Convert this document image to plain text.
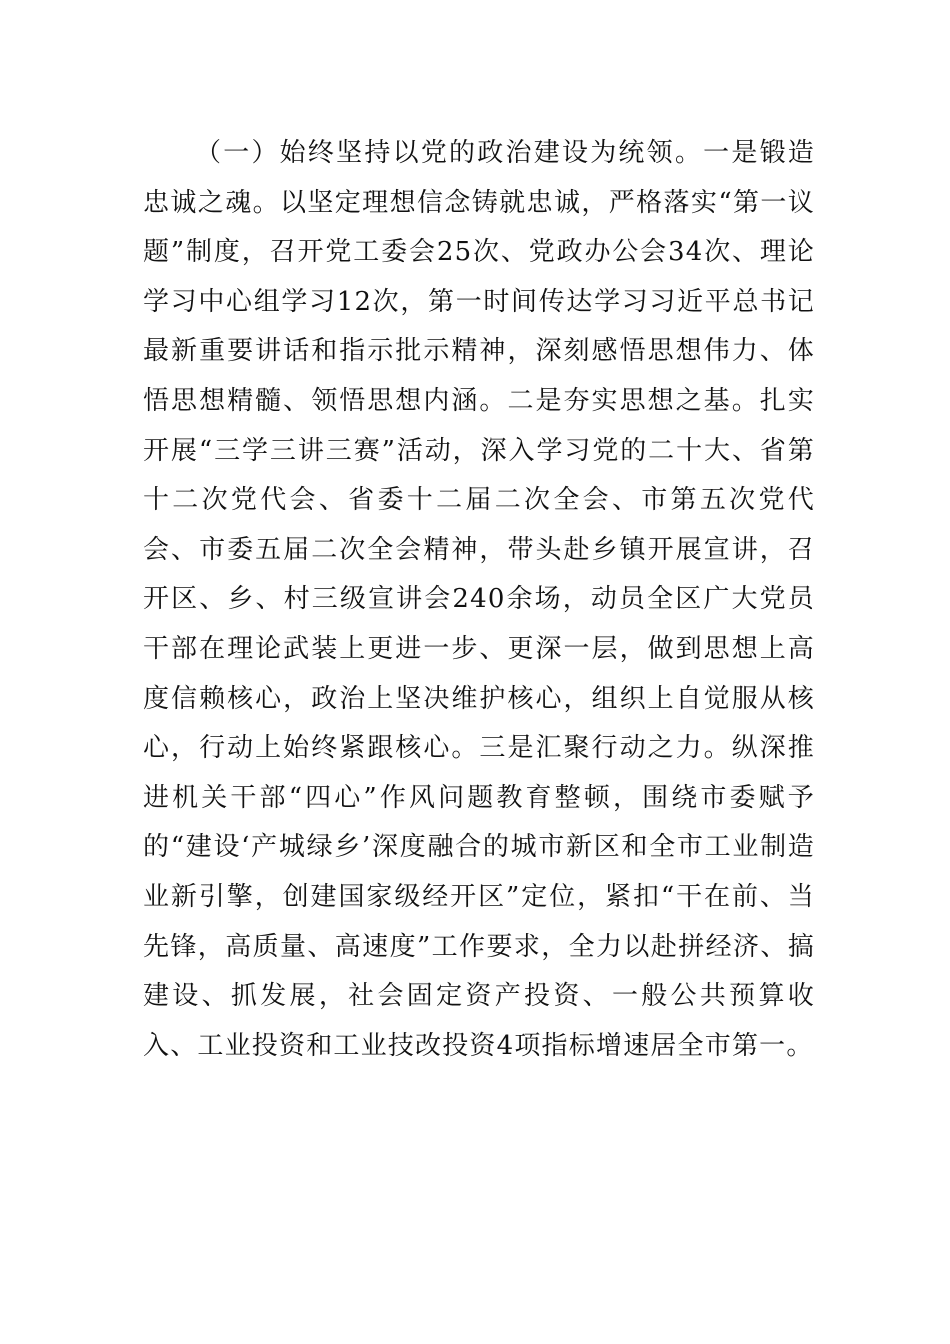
（一）始终坚持以党的政治建设为统领。一是锻造忠诚之魂。以坚定理想信念铸就忠诚，严格落实“第一议题”制度，召开党工委会25次、党政办公会34次、理论学习中心组学习12次，第一时间传达学习习近平总书记最新重要讲话和指示批示精神，深刻感悟思想伟力、体悟思想精髓、领悟思想内涵。二是夯实思想之基。扎实开展“三学三讲三赛”活动，深入学习党的二十大、省第十二次党代会、省委十二届二次全会、市第五次党代会、市委五届二次全会精神，带头赴乡镇开展宣讲，召开区、乡、村三级宣讲会240余场，动员全区广大党员干部在理论武装上更进一步、更深一层，做到思想上高度信赖核心，政治上坚决维护核心，组织上自觉服从核心，行动上始终紧跟核心。三是汇聚行动之力。纵深推进机关干部“四心”作风问题教育整顿，围绕市委赋予的“建设‘产城绿乡’深度融合的城市新区和全市工业制造业新引擎，创建国家级经开区”定位，紧扣“干在前、当先锋，高质量、高速度”工作要求，全力以赴拼经济、搞建设、抓发展，社会固定资产投资、一般公共预算收入、工业投资和工业技改投资4项指标增速居全市第一。
